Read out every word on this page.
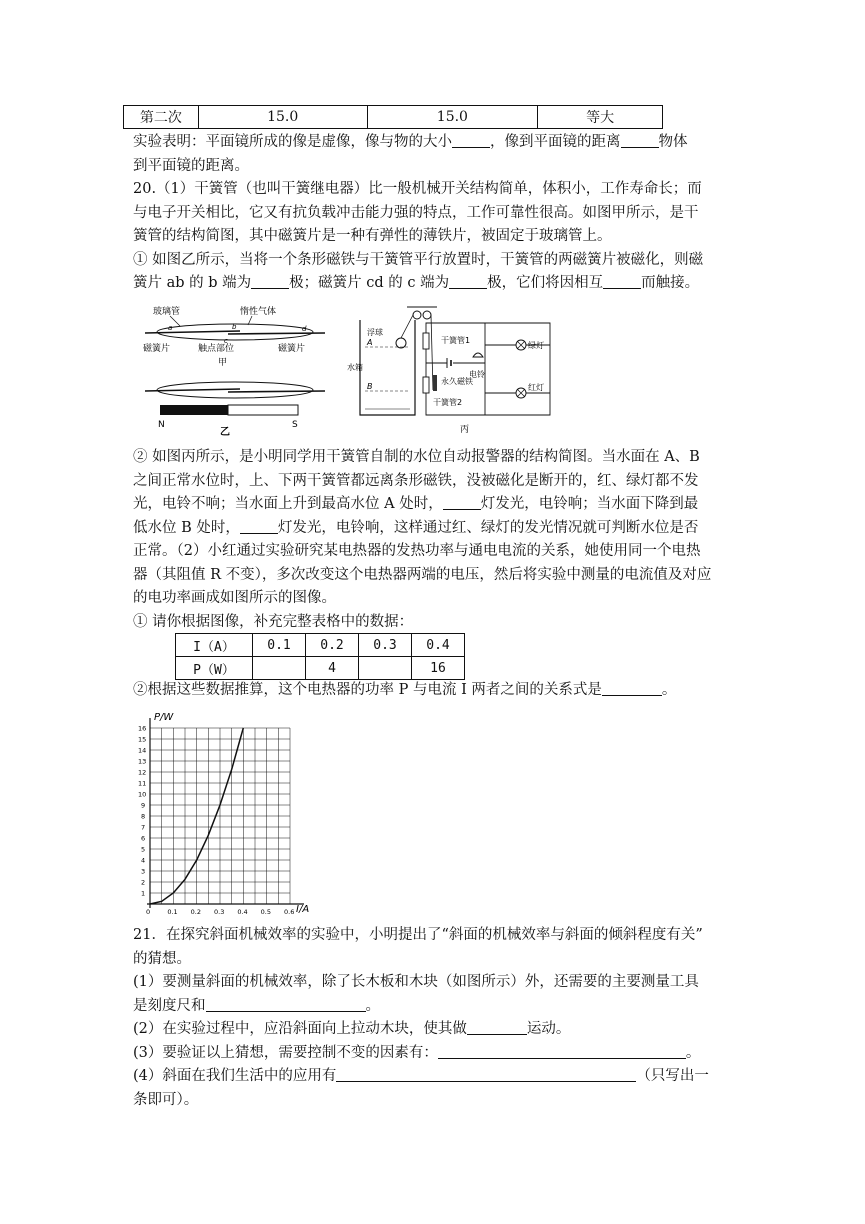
第二次	15.0	15.0	等大

实验表明：平面镜所成的像是虚像，像与物的大小	，像到平面镜的距离	物体

到平面镜的距离。

20.（1）干簧管（也叫干簧继电器）比一般机械开关结构简单，体积小，工作寿命长；而

与电子开关相比，它又有抗负载冲击能力强的特点，工作可靠性很高。如图甲所示，是干

簧管的结构简图，其中磁簧片是一种有弹性的薄铁片，被固定于玻璃管上。

① 如图乙所示，当将一个条形磁铁与干簧管平行放置时，干簧管的两磁簧片被磁化，则磁

簧片 ab 的 b 端为	极；磁簧片 cd 的 c 端为	极，它们将因相互	而触接。

玻璃管	惰性气体
a	b
c
d
磁簧片	触点部位	磁簧片
甲
N	S
乙
水箱
A
B
浮球
干簧管1
永久磁铁
干簧管2
电铃
绿灯
红灯
丙

② 如图丙所示，是小明同学用干簧管自制的水位自动报警器的结构简图。当水面在 A、B

之间正常水位时，上、下两干簧管都远离条形磁铁，没被磁化是断开的，红、绿灯都不发

光，电铃不响；当水面上升到最高水位 A 处时，	灯发光，电铃响；当水面下降到最

低水位 B 处时，	灯发光，电铃响，这样通过红、绿灯的发光情况就可判断水位是否

正常。（2）小红通过实验研究某电热器的发热功率与通电电流的关系，她使用同一个电热

器（其阻值 R 不变），多次改变这个电热器两端的电压，然后将实验中测量的电流值及对应

的电功率画成如图所示的图像。

① 请你根据图像，补充完整表格中的数据：

I（A）	0.1	0.2	0.3	0.4
P（W）		4		16

②根据这些数据推算，这个电热器的功率 P 与电流 I 两者之间的关系式是	。

0	0.1 0.2 0.3 0.4 0.5 0.6
1
2
3
4
5
6
7
8
9
10
11
12
13
14
15
16
P/W
I/A

21．在探究斜面机械效率的实验中，小明提出了“斜面的机械效率与斜面的倾斜程度有关”

的猜想。

(1）要测量斜面的机械效率，除了长木板和木块（如图所示）外，还需要的主要测量工具

是刻度尺和	。

(2）在实验过程中，应沿斜面向上拉动木块，使其做	运动。

(3）要验证以上猜想，需要控制不变的因素有：	。

(4）斜面在我们生活中的应用有	（只写出一

条即可）。
